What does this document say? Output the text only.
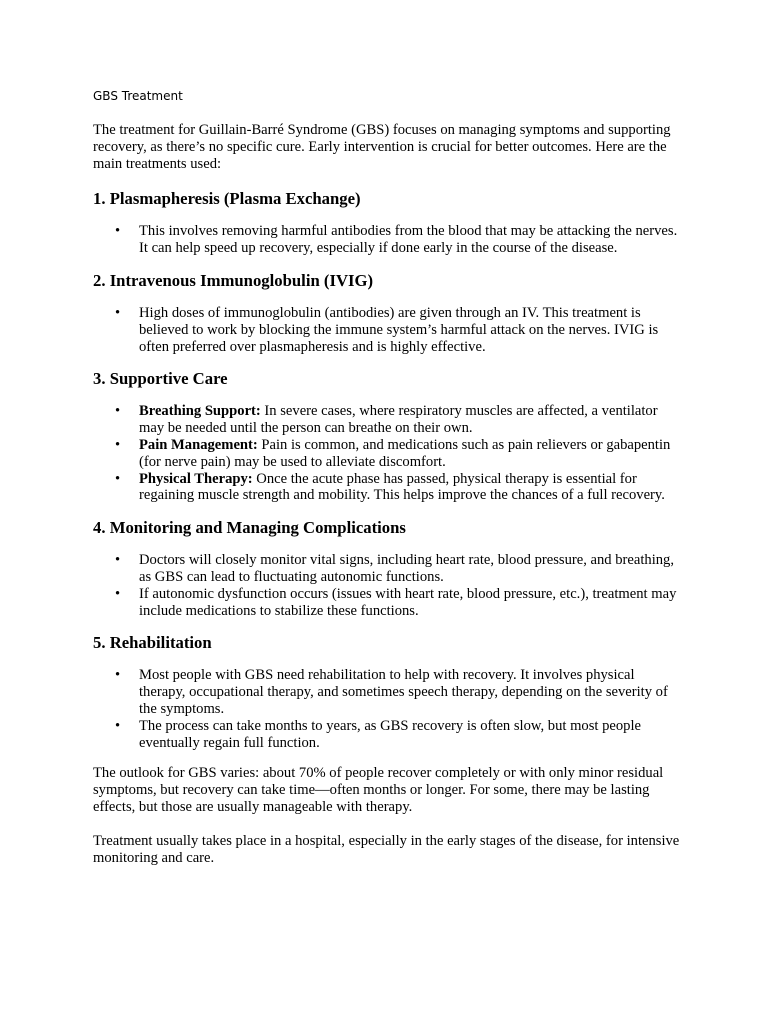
GBS Treatment

The treatment for Guillain-Barré Syndrome (GBS) focuses on managing symptoms and supporting recovery, as there’s no specific cure. Early intervention is crucial for better outcomes. Here are the main treatments used:

1. Plasmapheresis (Plasma Exchange)
• This involves removing harmful antibodies from the blood that may be attacking the nerves. It can help speed up recovery, especially if done early in the course of the disease.
2. Intravenous Immunoglobulin (IVIG)
• High doses of immunoglobulin (antibodies) are given through an IV. This treatment is believed to work by blocking the immune system’s harmful attack on the nerves. IVIG is often preferred over plasmapheresis and is highly effective.
3. Supportive Care
• Breathing Support: In severe cases, where respiratory muscles are affected, a ventilator may be needed until the person can breathe on their own.
• Pain Management: Pain is common, and medications such as pain relievers or gabapentin (for nerve pain) may be used to alleviate discomfort.
• Physical Therapy: Once the acute phase has passed, physical therapy is essential for regaining muscle strength and mobility. This helps improve the chances of a full recovery.
4. Monitoring and Managing Complications
• Doctors will closely monitor vital signs, including heart rate, blood pressure, and breathing, as GBS can lead to fluctuating autonomic functions.
• If autonomic dysfunction occurs (issues with heart rate, blood pressure, etc.), treatment may include medications to stabilize these functions.
5. Rehabilitation
• Most people with GBS need rehabilitation to help with recovery. It involves physical therapy, occupational therapy, and sometimes speech therapy, depending on the severity of the symptoms.
• The process can take months to years, as GBS recovery is often slow, but most people eventually regain full function.

The outlook for GBS varies: about 70% of people recover completely or with only minor residual symptoms, but recovery can take time—often months or longer. For some, there may be lasting effects, but those are usually manageable with therapy.

Treatment usually takes place in a hospital, especially in the early stages of the disease, for intensive monitoring and care.
